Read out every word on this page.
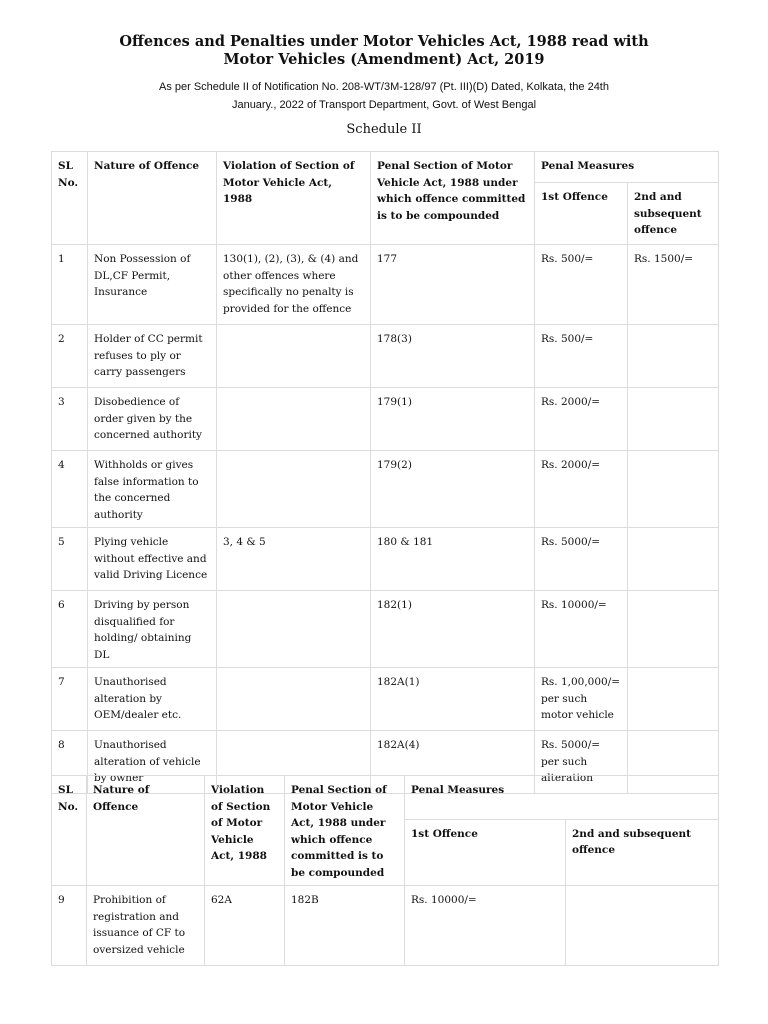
Offences and Penalties under Motor Vehicles Act, 1988 read with
Motor Vehicles (Amendment) Act, 2019
As per Schedule II of Notification No. 208-WT/3M-128/97 (Pt. III)(D) Dated, Kolkata, the 24th
January., 2022 of Transport Department, Govt. of West Bengal
Schedule II
SL No.	Nature of Offence	Violation of Section of Motor Vehicle Act, 1988	Penal Section of Motor Vehicle Act, 1988 under which offence committed is to be compounded	Penal Measures	
				1st Offence	2nd and subsequent offence
1	Non Possession of DL,CF Permit, Insurance	130(1), (2), (3), & (4) and other offences where specifically no penalty is provided for the offence	177	Rs. 500/=	Rs. 1500/=
2	Holder of CC permit refuses to ply or carry passengers		178(3)	Rs. 500/=	
3	Disobedience of order given by the concerned authority		179(1)	Rs. 2000/=	
4	Withholds or gives false information to the concerned authority		179(2)	Rs. 2000/=	
5	Plying vehicle without effective and valid Driving Licence	3, 4 & 5	180 & 181	Rs. 5000/=	
6	Driving by person disqualified for holding/ obtaining DL		182(1)	Rs. 10000/=	
7	Unauthorised alteration by OEM/dealer etc.		182A(1)	Rs. 1,00,000/= per such motor vehicle	
8	Unauthorised alteration of vehicle by owner		182A(4)	Rs. 5000/= per such alteration	
SL No.	Nature of Offence	Violation of Section of Motor Vehicle Act, 1988	Penal Section of Motor Vehicle Act, 1988 under which offence committed is to be compounded	Penal Measures	
				1st Offence	2nd and subsequent offence
9	Prohibition of registration and issuance of CF to oversized vehicle	62A	182B	Rs. 10000/=	
